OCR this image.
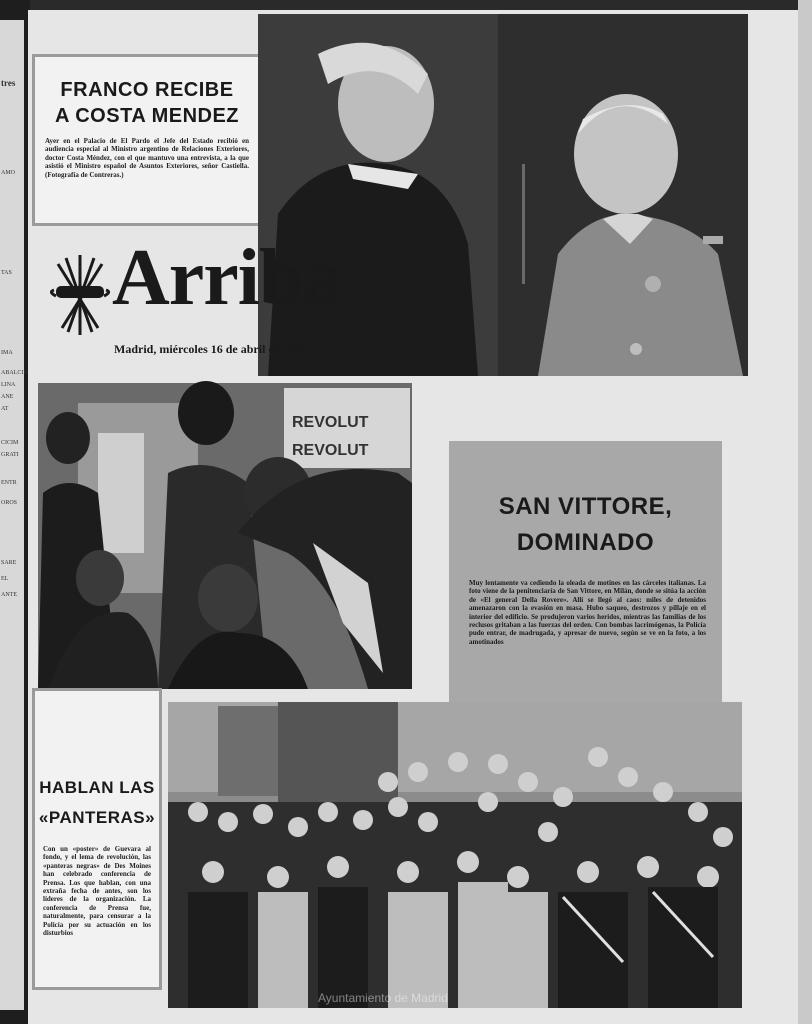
tres
AMO
TAS
IMA
ABALCIN
LINA
ANE
AT
CICIM
GRATI
ENTR
OROS
SARE
EL
ANTE
FRANCO RECIBE
A COSTA MENDEZ
Ayer en el Palacio de El Pardo el Jefe del Estado recibió en audiencia especial al Ministro argentino de Relaciones Exteriores, doctor Costa Méndez, con el que mantuvo una entrevista, a la que asistió el Ministro español de Asuntos Exteriores, señor Castiella. (Fotografía de Contreras.)
Arriba
Madrid, miércoles 16 de abril de 1969
REVOLUT
REVOLUT
SAN VITTORE,
DOMINADO
Muy lentamente va cediendo la oleada de motines en las cárceles italianas. La foto viene de la penitenciaría de San Vittore, en Milán, donde se sitúa la acción de «El general Della Rovere». Allí se llegó al caos: miles de detenidos amenazaron con la evasión en masa. Hubo saqueo, destrozos y pillaje en el interior del edificio. Se produjeron varios heridos, mientras las familias de los reclusos gritaban a las fuerzas del orden. Con bombas lacrimógenas, la Policía pudo entrar, de madrugada, y apresar de nuevo, según se ve en la foto, a los amotinados
HABLAN LAS
«PANTERAS»
Con un «poster» de Guevara al fondo, y el lema de revolución, las «panteras negras» de Des Moines han celebrado conferencia de Prensa. Los que hablan, con una extraña fecha de antes, son los líderes de la organización. La conferencia de Prensa fue, naturalmente, para censurar a la Policía por su actuación en los disturbios
Ayuntamiento de Madrid
